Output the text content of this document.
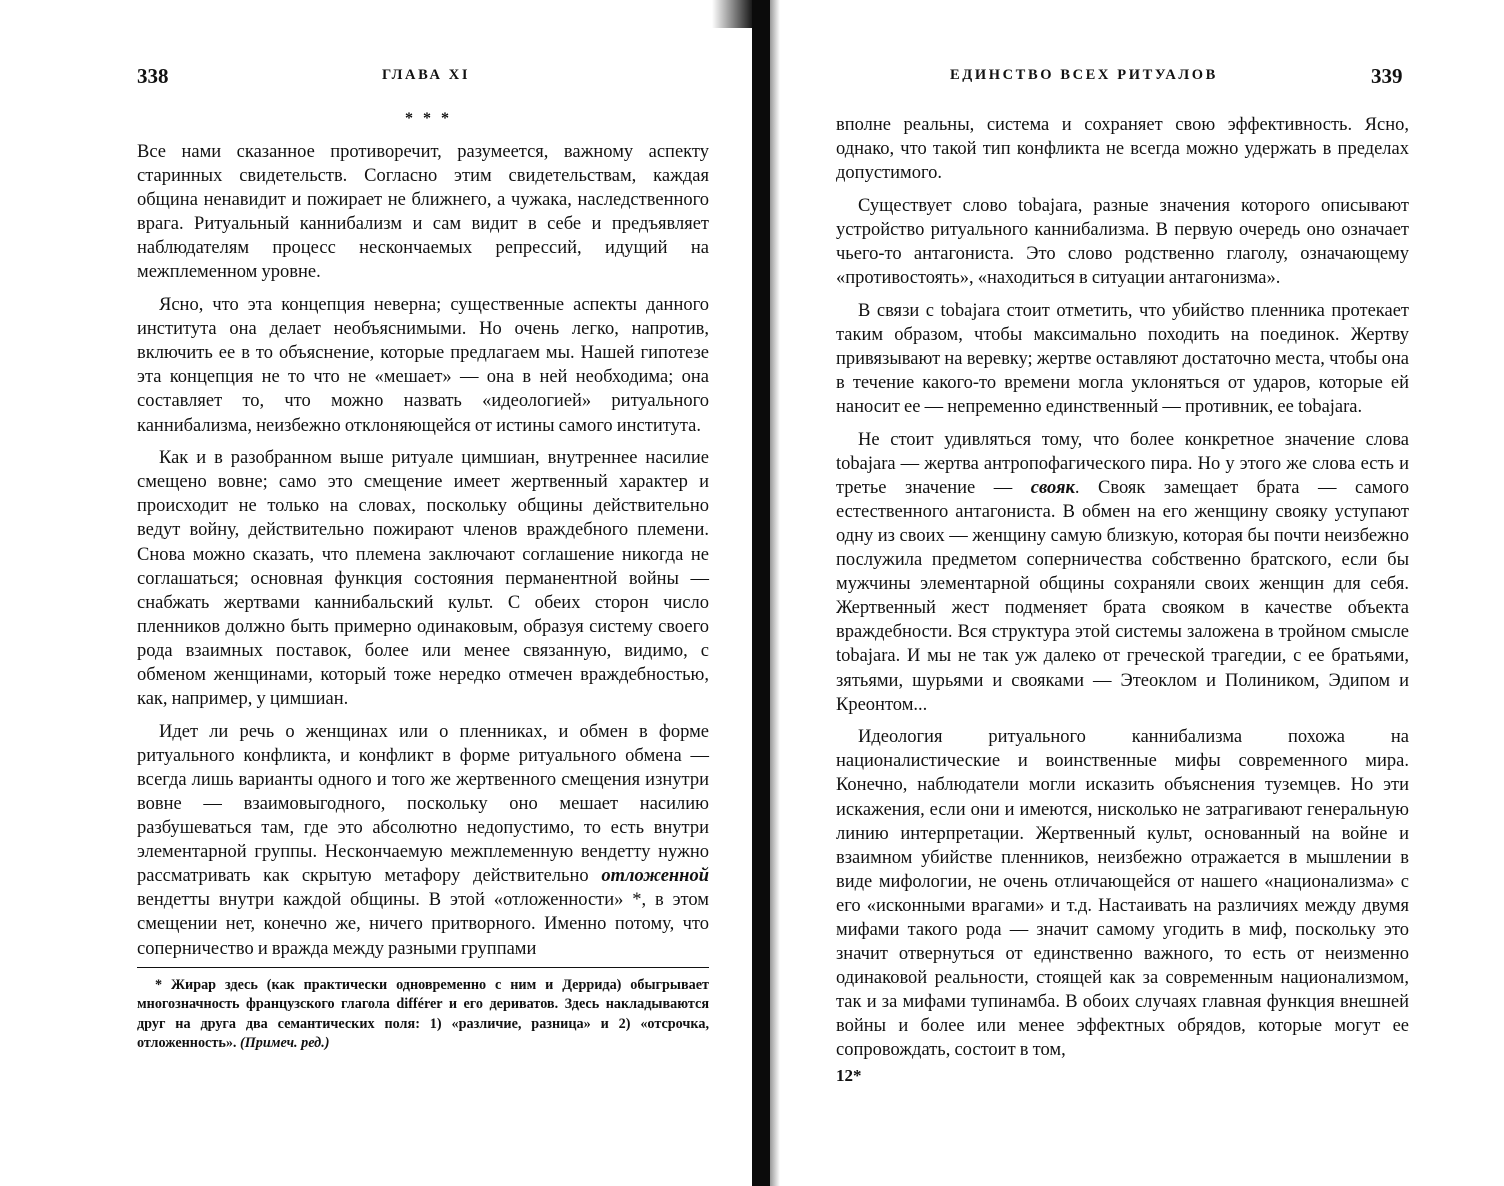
338	ГЛАВА XI
* * *

Все нами сказанное противоречит, разумеется, важному аспекту старинных свидетельств. Согласно этим свидетельствам, каждая община ненавидит и пожирает не ближнего, а чужака, наследственного врага. Ритуальный каннибализм и сам видит в себе и предъявляет наблюдателям процесс нескончаемых репрессий, идущий на межплеменном уровне.

Ясно, что эта концепция неверна; существенные аспекты данного института она делает необъяснимыми. Но очень легко, напротив, включить ее в то объяснение, которые предлагаем мы. Нашей гипотезе эта концепция не то что не «мешает» — она в ней необходима; она составляет то, что можно назвать «идеологией» ритуального каннибализма, неизбежно отклоняющейся от истины самого института.

Как и в разобранном выше ритуале цимшиан, внутреннее насилие смещено вовне; само это смещение имеет жертвенный характер и происходит не только на словах, поскольку общины действительно ведут войну, действительно пожирают членов враждебного племени. Снова можно сказать, что племена заключают соглашение никогда не соглашаться; основная функция состояния перманентной войны — снабжать жертвами каннибальский культ. С обеих сторон число пленников должно быть примерно одинаковым, образуя систему своего рода взаимных поставок, более или менее связанную, видимо, с обменом женщинами, который тоже нередко отмечен враждебностью, как, например, у цимшиан.

Идет ли речь о женщинах или о пленниках, и обмен в форме ритуального конфликта, и конфликт в форме ритуального обмена — всегда лишь варианты одного и того же жертвенного смещения изнутри вовне — взаимовыгодного, поскольку оно мешает насилию разбушеваться там, где это абсолютно недопустимо, то есть внутри элементарной группы. Нескончаемую межплеменную вендетту нужно рассматривать как скрытую метафору действительно отложенной вендетты внутри каждой общины. В этой «отложенности» *, в этом смещении нет, конечно же, ничего притворного. Именно потому, что соперничество и вражда между разными группами

* Жирар здесь (как практически одновременно с ним и Деррида) обыгрывает многозначность французского глагола différer и его дериватов. Здесь накладываются друг на друга два семантических поля: 1) «различие, разница» и 2) «отсрочка, отложенность». (Примеч. ред.)

339
ЕДИНСТВО ВСЕХ РИТУАЛОВ

вполне реальны, система и сохраняет свою эффективность. Ясно, однако, что такой тип конфликта не всегда можно удержать в пределах допустимого.

Существует слово tobajara, разные значения которого описывают устройство ритуального каннибализма. В первую очередь оно означает чьего-то антагониста. Это слово родственно глаголу, означающему «противостоять», «находиться в ситуации антагонизма».

В связи с tobajara стоит отметить, что убийство пленника протекает таким образом, чтобы максимально походить на поединок. Жертву привязывают на веревку; жертве оставляют достаточно места, чтобы она в течение какого-то времени могла уклоняться от ударов, которые ей наносит ее — непременно единственный — противник, ее tobajara.

Не стоит удивляться тому, что более конкретное значение слова tobajara — жертва антропофагического пира. Но у этого же слова есть и третье значение — свояк. Свояк замещает брата — самого естественного антагониста. В обмен на его женщину свояку уступают одну из своих — женщину самую близкую, которая бы почти неизбежно послужила предметом соперничества собственно братского, если бы мужчины элементарной общины сохраняли своих женщин для себя. Жертвенный жест подменяет брата свояком в качестве объекта враждебности. Вся структура этой системы заложена в тройном смысле tobajara. И мы не так уж далеко от греческой трагедии, с ее братьями, зятьями, шурьями и свояками — Этеоклом и Полиником, Эдипом и Креонтом...

Идеология ритуального каннибализма похожа на националистические и воинственные мифы современного мира. Конечно, наблюдатели могли исказить объяснения туземцев. Но эти искажения, если они и имеются, нисколько не затрагивают генеральную линию интерпретации. Жертвенный культ, основанный на войне и взаимном убийстве пленников, неизбежно отражается в мышлении в виде мифологии, не очень отличающейся от нашего «национализма» с его «исконными врагами» и т.д. Настаивать на различиях между двумя мифами такого рода — значит самому угодить в миф, поскольку это значит отвернуться от единственно важного, то есть от неизменно одинаковой реальности, стоящей как за современным национализмом, так и за мифами тупинамба. В обоих случаях главная функция внешней войны и более или менее эффектных обрядов, которые могут ее сопровождать, состоит в том,

12*
